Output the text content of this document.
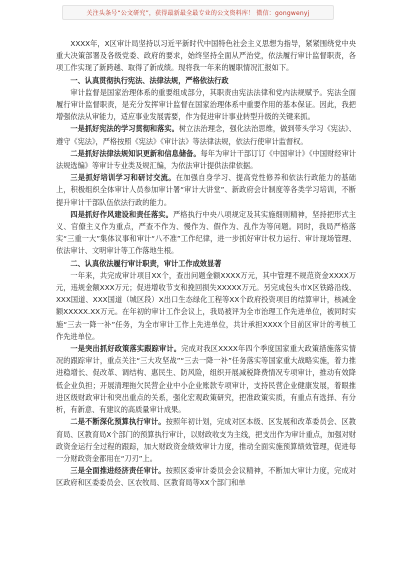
关注头条号“公文研究”，获得最新最全最专业的公文资料库！ 微信：gongwenyj

XXXX年，X区审计局坚持以习近平新时代中国特色社会主义思想为指导，紧紧围绕党中央重大决策部署及各级党委、政府的要求，始终坚持全面从严治党，依法履行审计监督职责，各项工作实现了新跨越、取得了新成绩。现将我一年来的履职情况汇报如下。

一、认真贯彻执行宪法、法律法规，严格依法行政

审计监督是国家治理体系的重要组成部分，其职责由宪法法律和党内法规赋予。宪法全面履行审计监督职责，是充分发挥审计监督在国家治理体系中重要作用的基本保证。因此，我把增强依法从审能力，适应事业发展需要，作为促进审计事业转型升级的关键来抓。

一是抓好宪法的学习贯彻和落实。树立法治理念，强化法治思维，做到带头学习《宪法》、遵守《宪法》，严格按照《宪法》《审计法》等法律法规，依法行使审计监督权。

二是抓好法律法规知识更新和信息储备。每年为审计干部订订《中国审计》《中国财经审计法规选编》等审计专业类及规汇编，为依法审计提供法律依据。

三是抓好培训学习和研讨交流。在加强自身学习、提高党性修养和依法行政能力的基础上，积极组织全体审计人员参加审计署“审计大讲堂”、新政府会计制度等各类学习培训，不断提升审计干部队伍依法行政的能力。

四是抓好作风建设和责任落实。严格执行中央八项规定及其实施细则精神，坚持把形式主义、官僚主义作为重点，严查不作为、慢作为、假作为、乱作为等问题。同时，我局严格落实“三重一大”集体议事和审计“八不准”工作纪律，进一步抓好审计权力运行、审计现场管理、依法审计、文明审计等工作落地生根。

二、认真依法履行审计职责，审计工作成效显著

一年来，共完成审计项目XX个，查出问题金额XXXX万元，其中管理不规范资金XXXX万元，违规金额XXX万元；促进增收节支和挽回损失XXXXX万元。另完成包头市X区铁路沿线、XXX国道、XXX国道（城区段）X出口生态绿化工程等XX个政府投资项目的结算审计，核减金额XXXXX.XX万元。在年初的审计工作会议上，我局被评为全市治理工作先进单位，被同时实施“三去一降一补”任务，为全市审计工作上先进单位，共计承担XXXX个目前区审计的考核工作先进单位。

一是突出抓好政策落实跟踪审计。完成对我区XXXX年四个季度国家重大政策措施落实情况的跟踪审计，重点关注“三大攻坚战”“三去一降一补”任务落实等国家重大战略实施，着力推进稳增长、促改革、调结构、惠民生、防风险，组织开展减税降费情况专项审计，推动有效降低企业负担；开展清理拖欠民营企业中小企业账款专项审计，支持民营企业健康发展，着眼推进区级财政审计和突出重点的关系，强化宏观政策研究，把准政策实质，有重点有选择、有分析，有新意、有建议的高质量审计成果。

二是不断深化预算执行审计。按照年初计划，完成对区本级、区发展和改革委员会、区教育局、区教育局X个部门的预算执行审计，以财政收支为主线，把支出作为审计重点，加强对财政资金运行全过程的跟踪，加大财政资金绩效审计力度，推动全面实施预算绩效管理，促进每一分财政资金都用在“刀刃”上。

三是全面推进经济责任审计。按照区委审计委员会会议精神，不断加大审计力度，完成对区政府和区委委员会、区农牧局、区教育局等XX个部门和单
